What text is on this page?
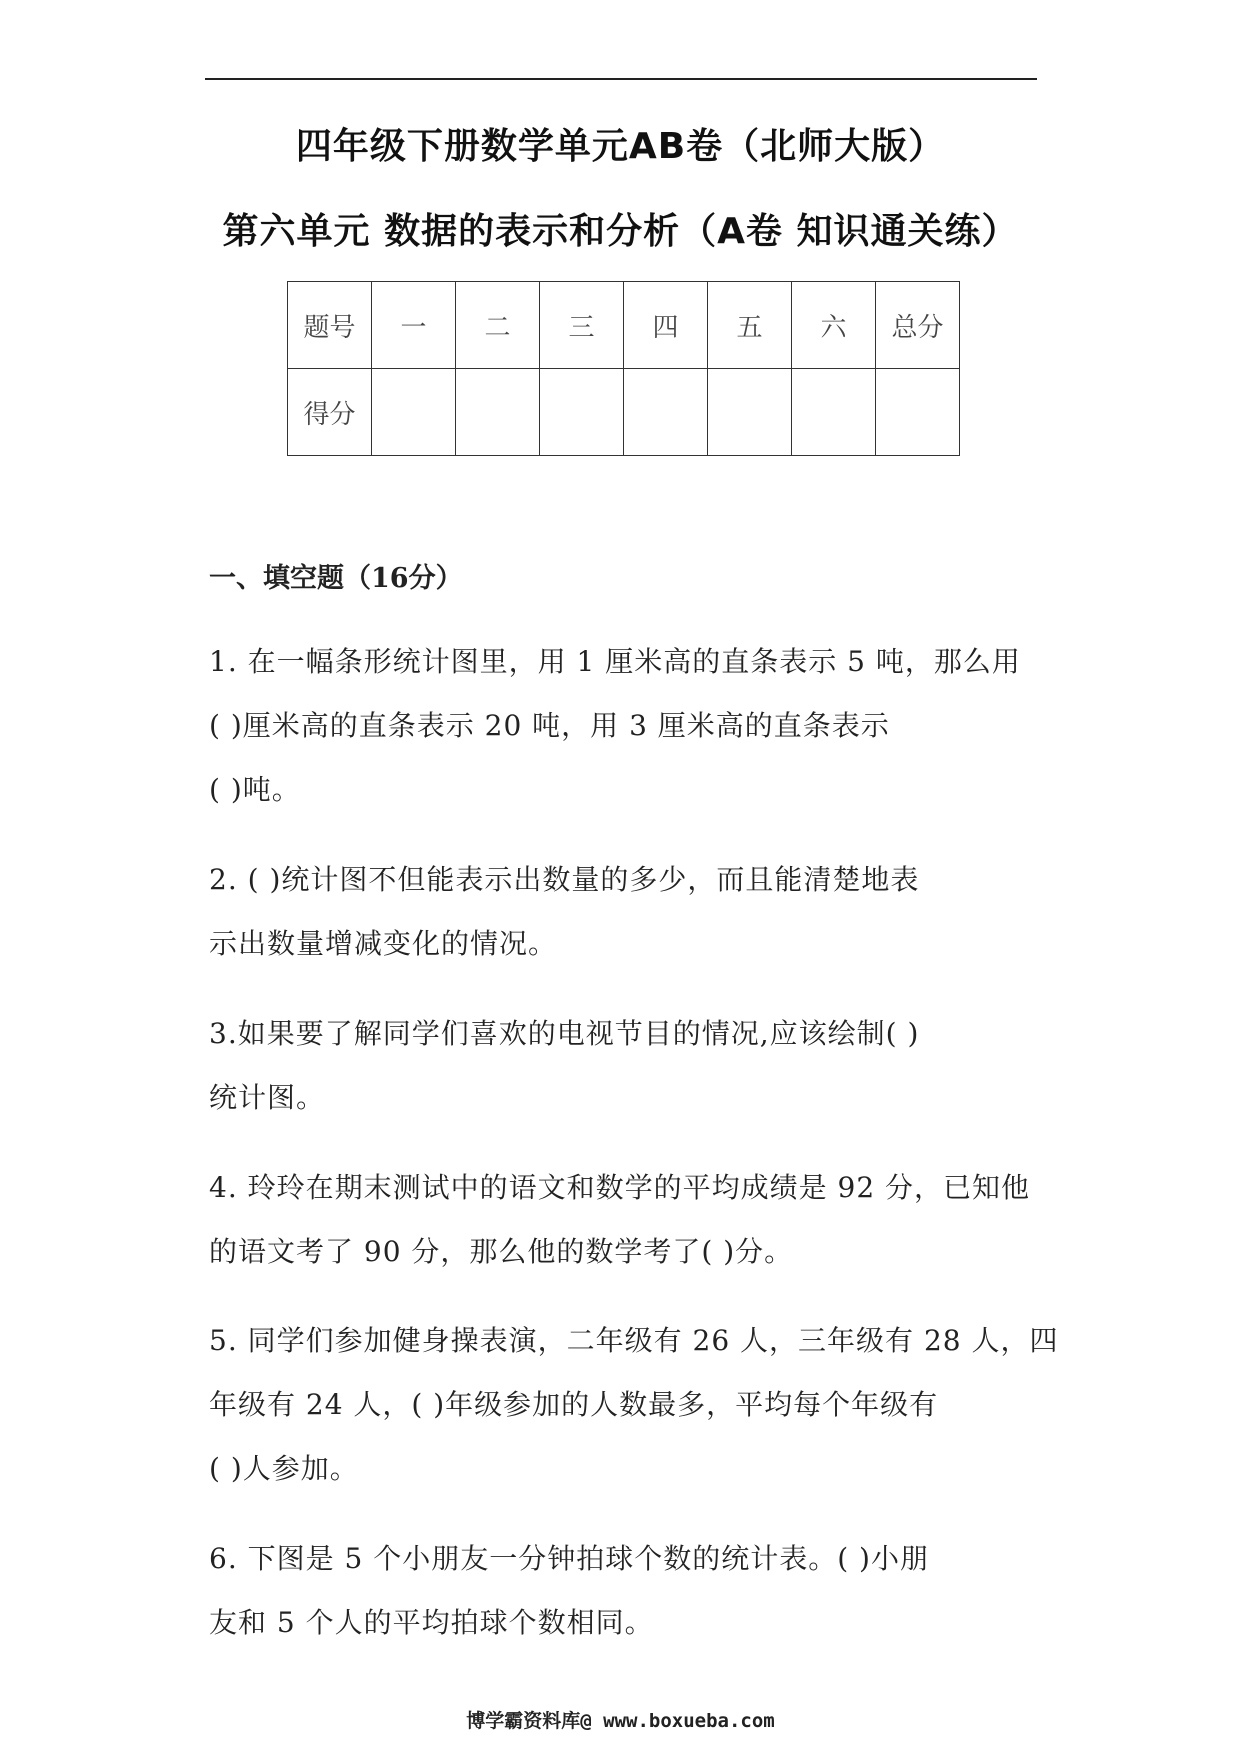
四年级下册数学单元AB卷（北师大版）
第六单元 数据的表示和分析（A卷 知识通关练）
题号	一	二	三	四	五	六	总分
得分							
一、填空题（16分）
1. 在一幅条形统计图里，用 1 厘米高的直条表示 5 吨，那么用
( )厘米高的直条表示 20 吨，用 3 厘米高的直条表示
( )吨。
2. ( )统计图不但能表示出数量的多少，而且能清楚地表
示出数量增减变化的情况。
3.如果要了解同学们喜欢的电视节目的情况,应该绘制( )
统计图。
4. 玲玲在期末测试中的语文和数学的平均成绩是 92 分，已知他
的语文考了 90 分，那么他的数学考了( )分。
5. 同学们参加健身操表演，二年级有 26 人，三年级有 28 人，四
年级有 24 人，( )年级参加的人数最多，平均每个年级有
( )人参加。
6. 下图是 5 个小朋友一分钟拍球个数的统计表。( )小朋
友和 5 个人的平均拍球个数相同。
博学霸资料库@ www.boxueba.com
